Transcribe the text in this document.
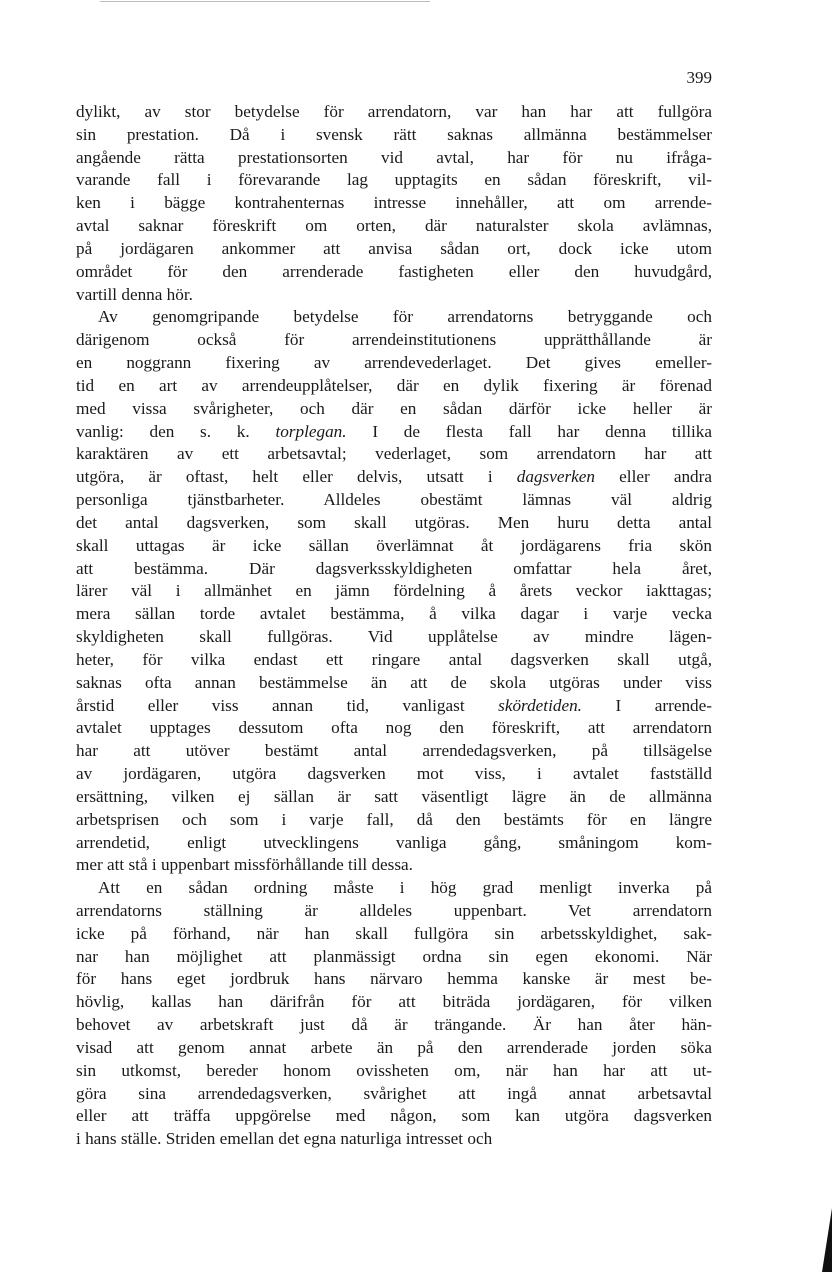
399
dylikt, av stor betydelse för arrendatorn, var han har att fullgöra
sin prestation. Då i svensk rätt saknas allmänna bestämmelser
angående rätta prestationsorten vid avtal, har för nu ifråga-
varande fall i förevarande lag upptagits en sådan föreskrift, vil-
ken i bägge kontrahenternas intresse innehåller, att om arrende-
avtal saknar föreskrift om orten, där naturalster skola avlämnas,
på jordägaren ankommer att anvisa sådan ort, dock icke utom
området för den arrenderade fastigheten eller den huvudgård,
vartill denna hör.
Av genomgripande betydelse för arrendatorns betryggande och
därigenom också för arrendeinstitutionens upprätthållande är
en noggrann fixering av arrendevederlaget. Det gives emeller-
tid en art av arrendeupplåtelser, där en dylik fixering är förenad
med vissa svårigheter, och där en sådan därför icke heller är
vanlig: den s. k. torplegan. I de flesta fall har denna tillika
karaktären av ett arbetsavtal; vederlaget, som arrendatorn har att
utgöra, är oftast, helt eller delvis, utsatt i dagsverken eller andra
personliga tjänstbarheter. Alldeles obestämt lämnas väl aldrig
det antal dagsverken, som skall utgöras. Men huru detta antal
skall uttagas är icke sällan överlämnat åt jordägarens fria skön
att bestämma. Där dagsverksskyldigheten omfattar hela året,
lärer väl i allmänhet en jämn fördelning å årets veckor iakttagas;
mera sällan torde avtalet bestämma, å vilka dagar i varje vecka
skyldigheten skall fullgöras. Vid upplåtelse av mindre lägen-
heter, för vilka endast ett ringare antal dagsverken skall utgå,
saknas ofta annan bestämmelse än att de skola utgöras under viss
årstid eller viss annan tid, vanligast skördetiden. I arrende-
avtalet upptages dessutom ofta nog den föreskrift, att arrendatorn
har att utöver bestämt antal arrendedagsverken, på tillsägelse
av jordägaren, utgöra dagsverken mot viss, i avtalet fastställd
ersättning, vilken ej sällan är satt väsentligt lägre än de allmänna
arbetsprisen och som i varje fall, då den bestämts för en längre
arrendetid, enligt utvecklingens vanliga gång, småningom kom-
mer att stå i uppenbart missförhållande till dessa.
Att en sådan ordning måste i hög grad menligt inverka på
arrendatorns ställning är alldeles uppenbart. Vet arrendatorn
icke på förhand, när han skall fullgöra sin arbetsskyldighet, sak-
nar han möjlighet att planmässigt ordna sin egen ekonomi. När
för hans eget jordbruk hans närvaro hemma kanske är mest be-
hövlig, kallas han därifrån för att biträda jordägaren, för vilken
behovet av arbetskraft just då är trängande. Är han åter hän-
visad att genom annat arbete än på den arrenderade jorden söka
sin utkomst, bereder honom ovissheten om, när han har att ut-
göra sina arrendedagsverken, svårighet att ingå annat arbetsavtal
eller att träffa uppgörelse med någon, som kan utgöra dagsverken
i hans ställe. Striden emellan det egna naturliga intresset och
